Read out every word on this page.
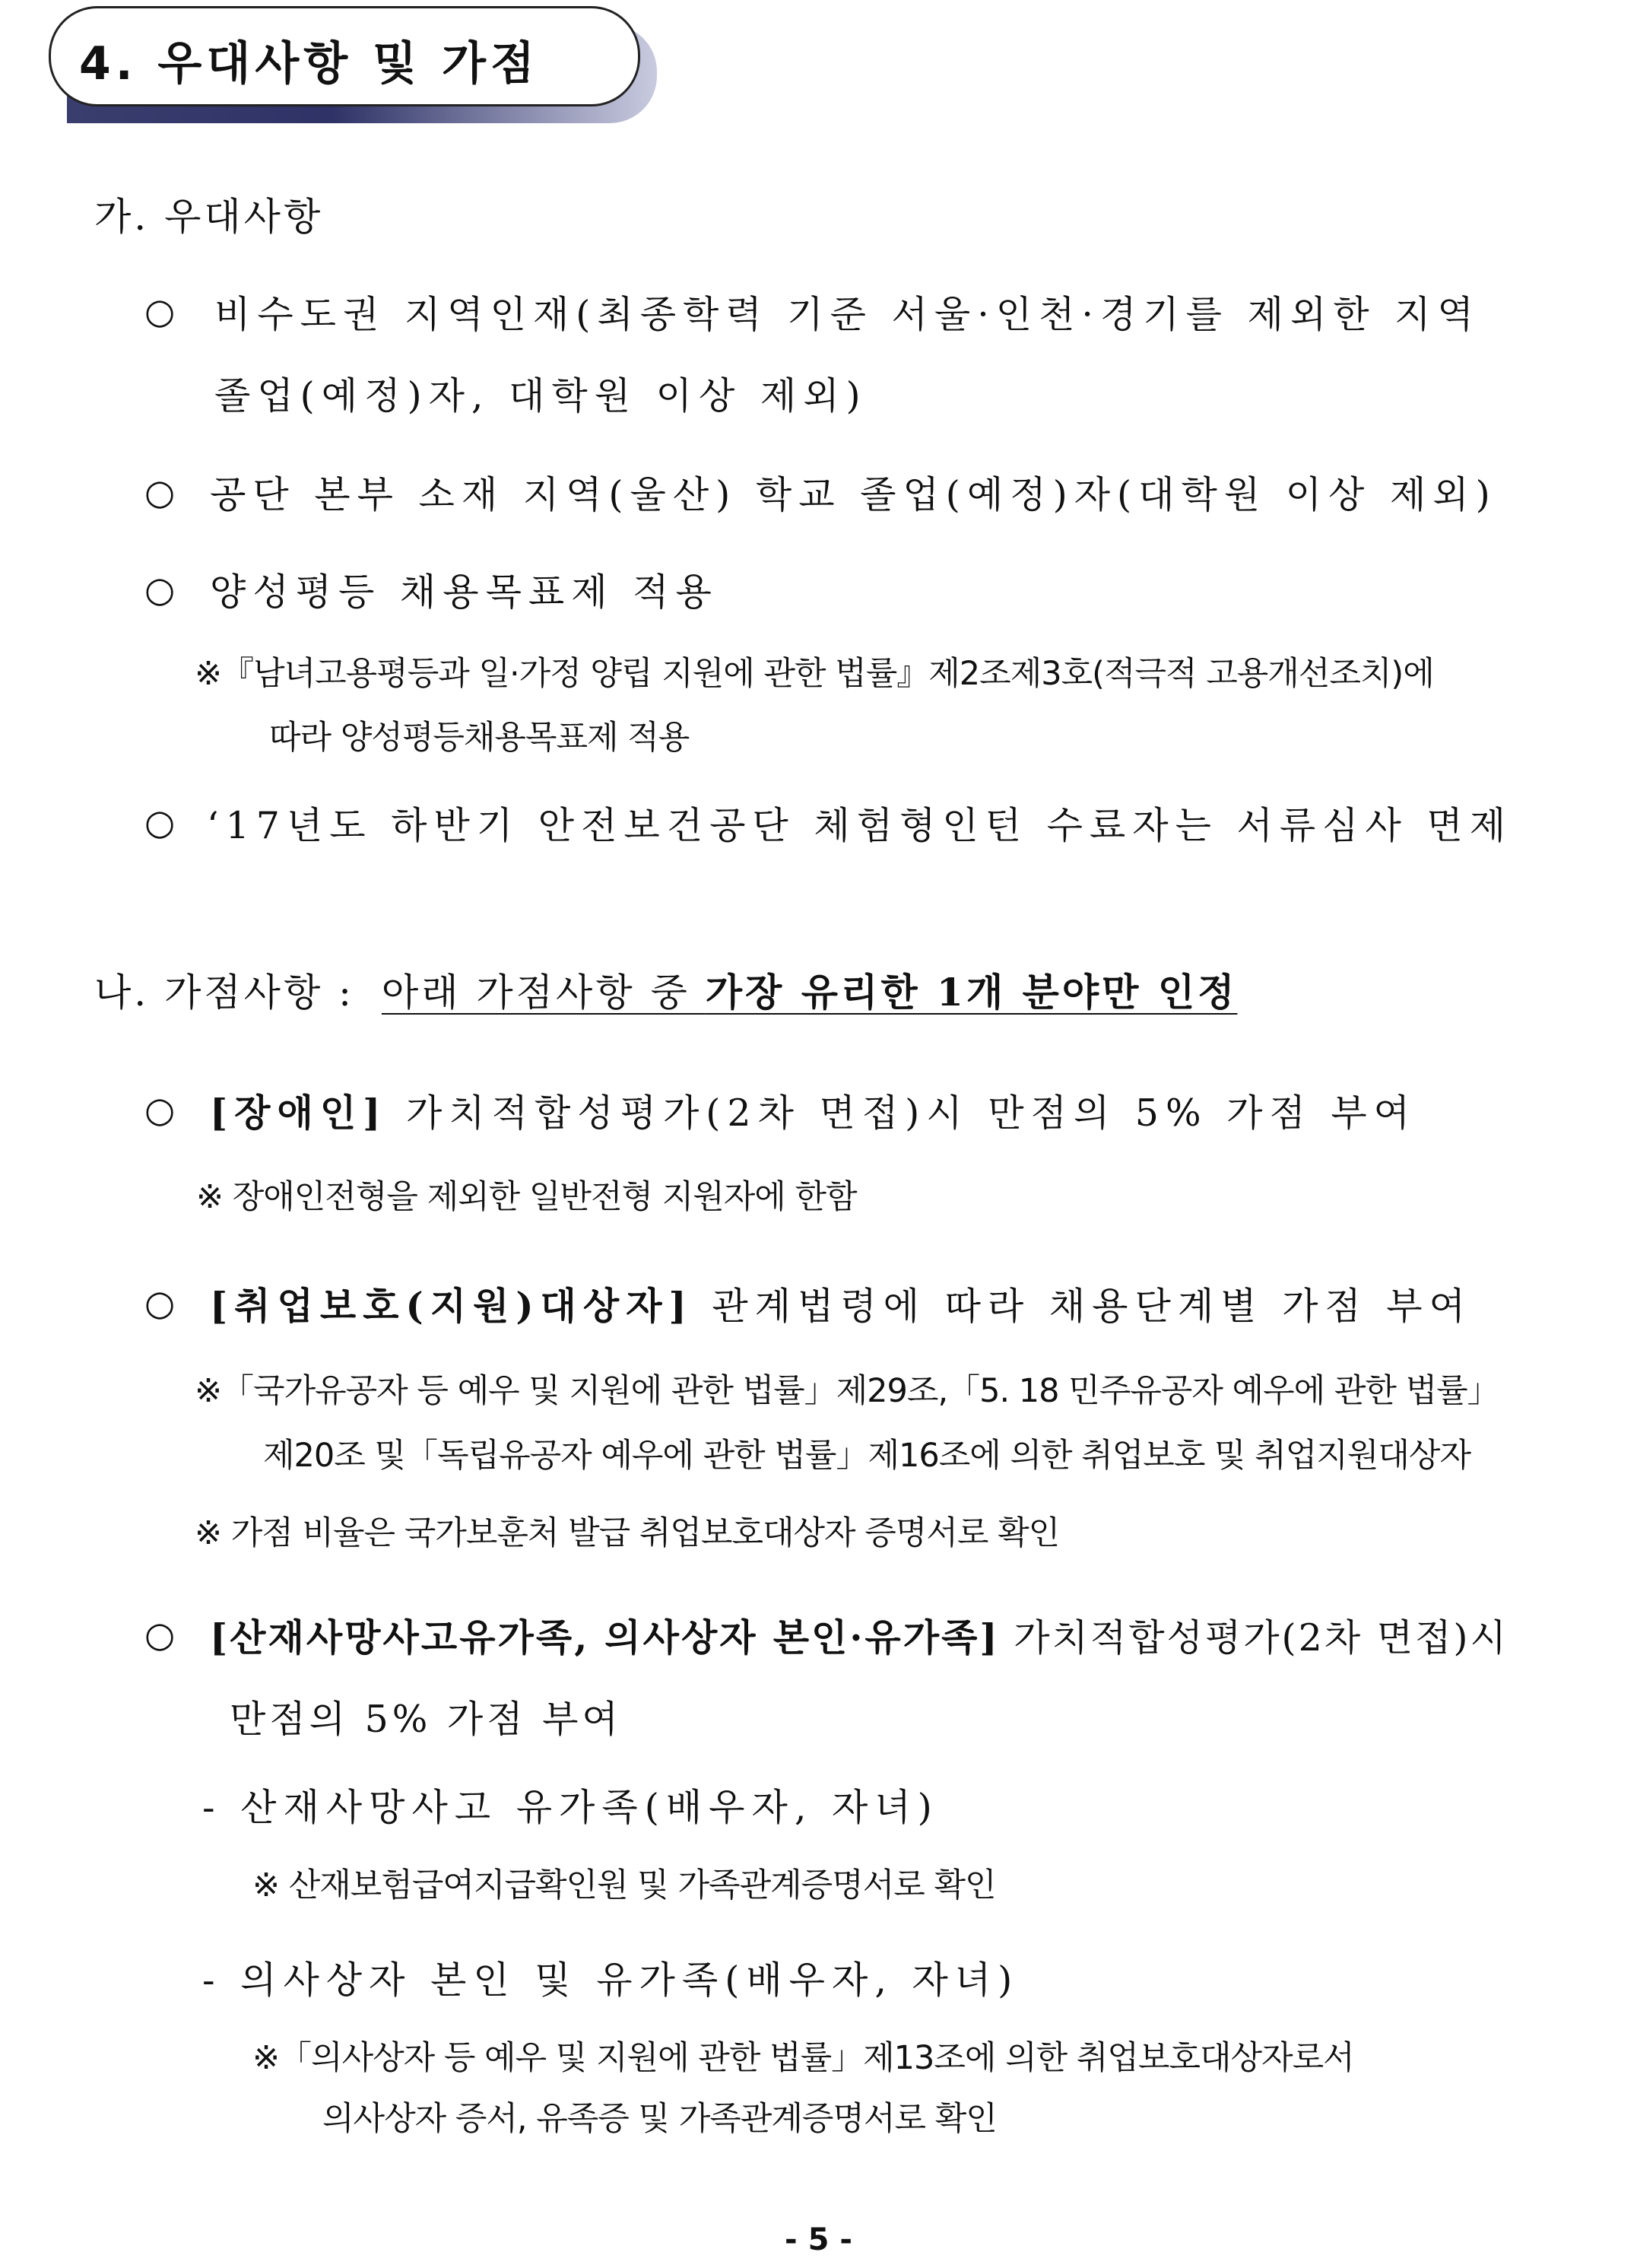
4. 우대사항 및 가점
가. 우대사항
○ 비수도권 지역인재(최종학력 기준 서울·인천·경기를 제외한 지역
졸업(예정)자, 대학원 이상 제외)
○ 공단 본부 소재 지역(울산) 학교 졸업(예정)자(대학원 이상 제외)
○ 양성평등 채용목표제 적용
※『남녀고용평등과 일·가정 양립 지원에 관한 법률』제2조제3호(적극적 고용개선조치)에
따라 양성평등채용목표제 적용
○ ‘17년도 하반기 안전보건공단 체험형인턴 수료자는 서류심사 면제
나. 가점사항 : 아래 가점사항 중 가장 유리한 1개 분야만 인정
○ [장애인] 가치적합성평가(2차 면접)시 만점의 5% 가점 부여
※ 장애인전형을 제외한 일반전형 지원자에 한함
○ [취업보호(지원)대상자] 관계법령에 따라 채용단계별 가점 부여
※「국가유공자 등 예우 및 지원에 관한 법률」제29조,「5. 18 민주유공자 예우에 관한 법률」
제20조 및「독립유공자 예우에 관한 법률」제16조에 의한 취업보호 및 취업지원대상자
※ 가점 비율은 국가보훈처 발급 취업보호대상자 증명서로 확인
○ [산재사망사고유가족, 의사상자 본인·유가족] 가치적합성평가(2차 면접)시
만점의 5% 가점 부여
- 산재사망사고 유가족(배우자, 자녀)
※ 산재보험급여지급확인원 및 가족관계증명서로 확인
- 의사상자 본인 및 유가족(배우자, 자녀)
※「의사상자 등 예우 및 지원에 관한 법률」제13조에 의한 취업보호대상자로서
의사상자 증서, 유족증 및 가족관계증명서로 확인
- 5 -
